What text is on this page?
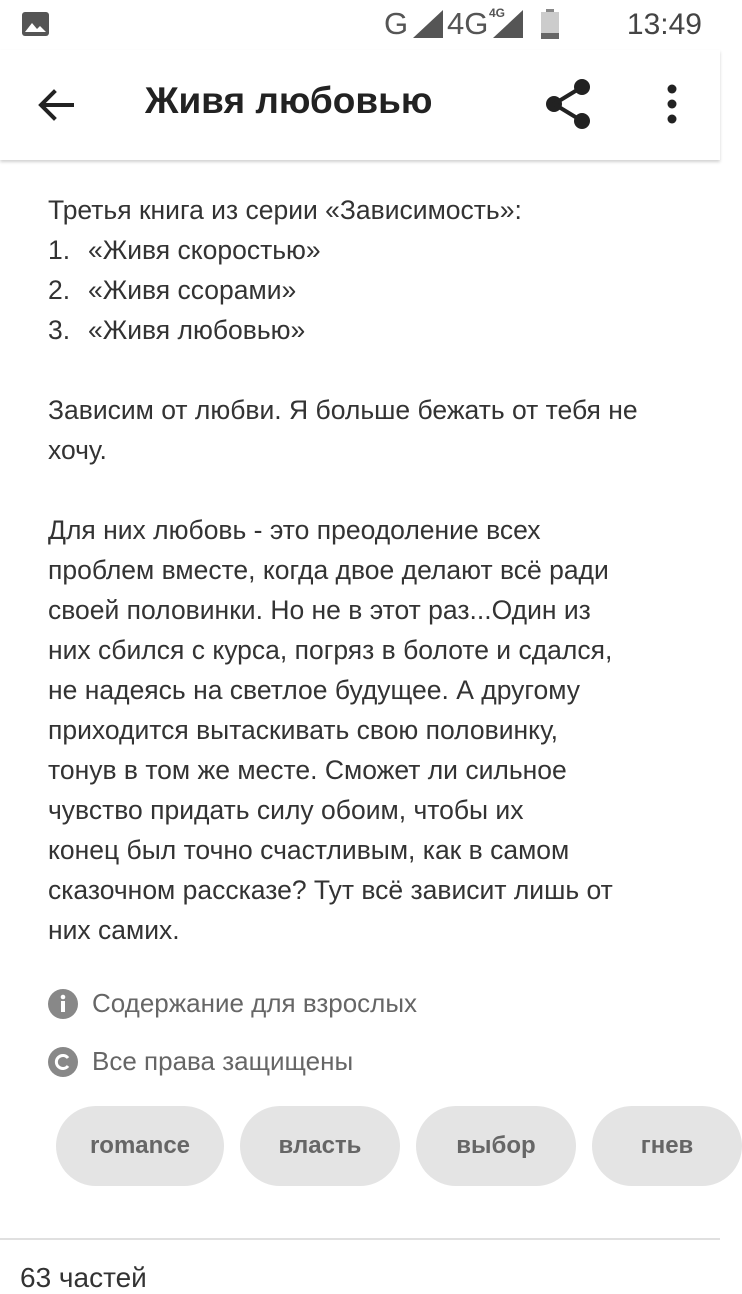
G 4G 4G	13:49
Живя любовью

Третья книга из серии «Зависимость»:

1. «Живя скоростью»
2. «Живя ссорами»
3. «Живя любовью»

Зависим от любви. Я больше бежать от тебя не хочу.

Для них любовь - это преодоление всех

проблем вместе, когда двое делают всё ради

своей половинки. Но не в этот раз...Один из

них сбился с курса, погряз в болоте и сдался,

не надеясь на светлое будущее. А другому

приходится вытаскивать свою половинку,

тонув в том же месте. Сможет ли сильное

чувство придать силу обоим, чтобы их

конец был точно счастливым, как в самом

сказочном рассказе? Тут всё зависит лишь от

них самих.

Содержание для взрослых
Все права защищены
romance	власть	выбор	гнев
63 частей
